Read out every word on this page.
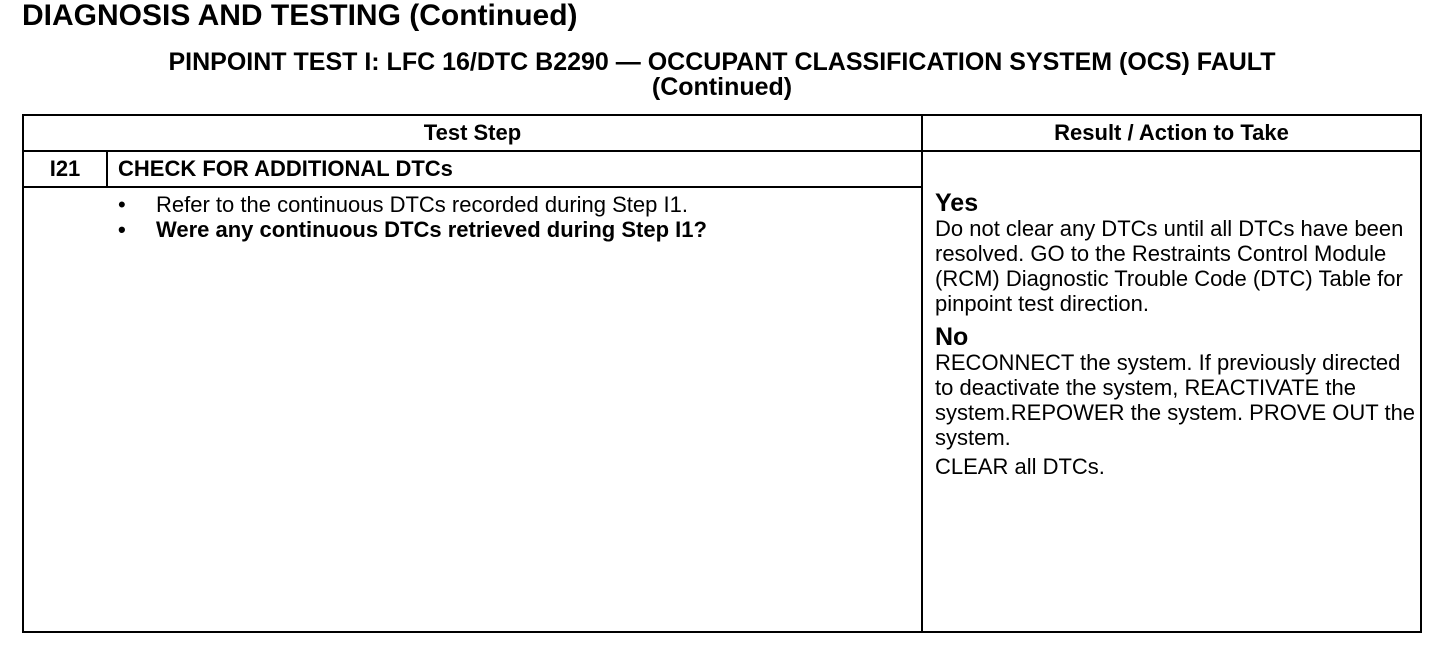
DIAGNOSIS AND TESTING (Continued)
PINPOINT TEST I: LFC 16/DTC B2290 — OCCUPANT CLASSIFICATION SYSTEM (OCS) FAULT
(Continued)
Test Step	Result / Action to Take
I21	CHECK FOR ADDITIONAL DTCs
• Refer to the continuous DTCs recorded during Step I1.
• Were any continuous DTCs retrieved during Step I1?
Yes
Do not clear any DTCs until all DTCs have been resolved. GO to the Restraints Control Module (RCM) Diagnostic Trouble Code (DTC) Table for pinpoint test direction.
No
RECONNECT the system. If previously directed to deactivate the system, REACTIVATE the system.REPOWER the system. PROVE OUT the system.
CLEAR all DTCs.
